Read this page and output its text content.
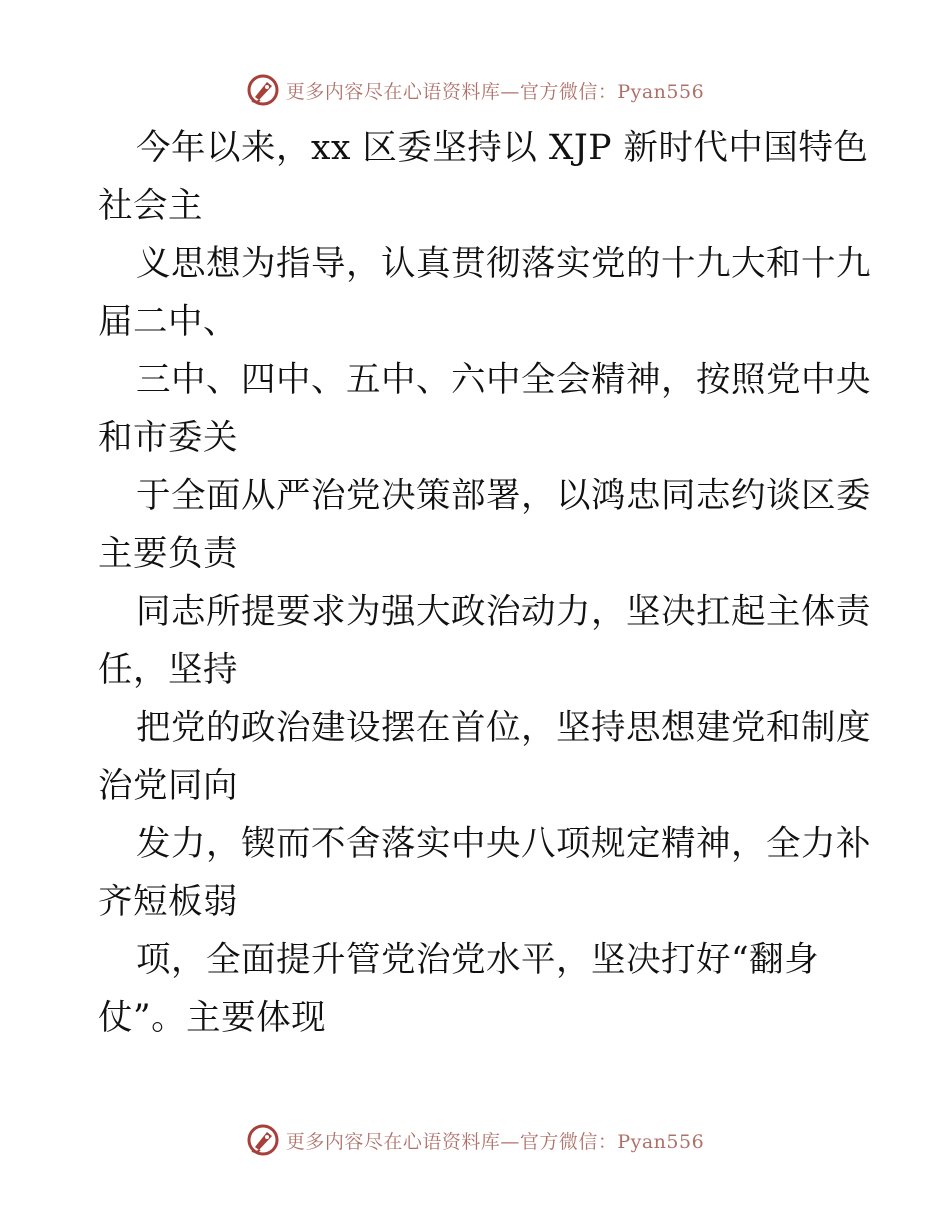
更多内容尽在心语资料库—官方微信：Pyan556
今年以来，xx 区委坚持以 XJP 新时代中国特色
社会主
义思想为指导，认真贯彻落实党的十九大和十九
届二中、
三中、四中、五中、六中全会精神，按照党中央
和市委关
于全面从严治党决策部署，以鸿忠同志约谈区委
主要负责
同志所提要求为强大政治动力，坚决扛起主体责
任，坚持
把党的政治建设摆在首位，坚持思想建党和制度
治党同向
发力，锲而不舍落实中央八项规定精神，全力补
齐短板弱
项，全面提升管党治党水平，坚决打好“翻身
仗”。主要体现
更多内容尽在心语资料库—官方微信：Pyan556
